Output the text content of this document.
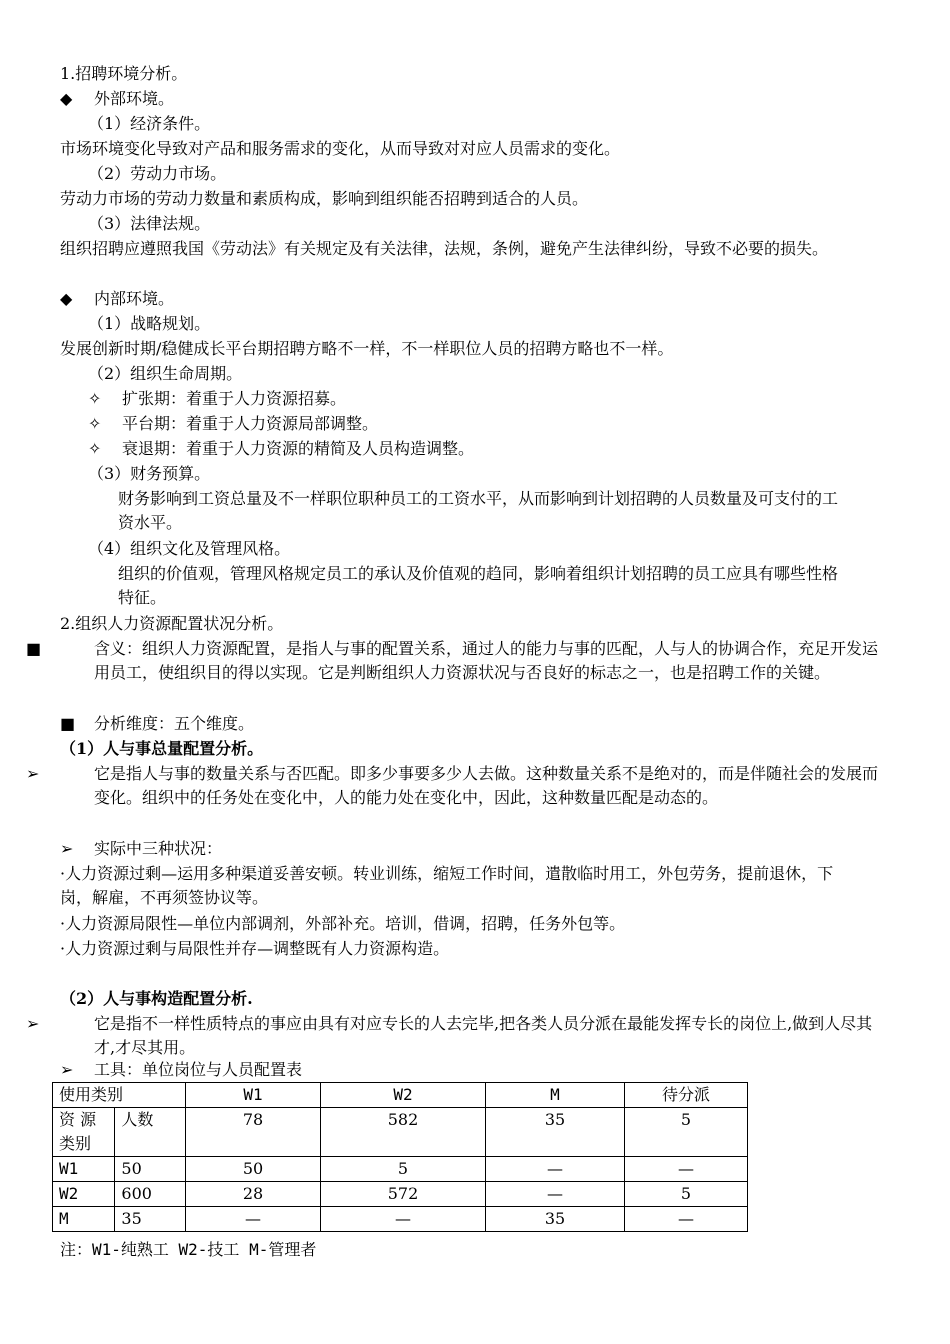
1.招聘环境分析。
◆ 外部环境。
（1）经济条件。
市场环境变化导致对产品和服务需求的变化，从而导致对对应人员需求的变化。
（2）劳动力市场。
劳动力市场的劳动力数量和素质构成，影响到组织能否招聘到适合的人员。
（3）法律法规。
组织招聘应遵照我国《劳动法》有关规定及有关法律，法规，条例，避免产生法律纠纷，导致不必要的损失。
◆ 内部环境。
（1）战略规划。
发展创新时期/稳健成长平台期招聘方略不一样，不一样职位人员的招聘方略也不一样。
（2）组织生命周期。
✧ 扩张期：着重于人力资源招募。
✧ 平台期：着重于人力资源局部调整。
✧ 衰退期：着重于人力资源的精简及人员构造调整。
（3）财务预算。
财务影响到工资总量及不一样职位职种员工的工资水平，从而影响到计划招聘的人员数量及可支付的工资水平。
（4）组织文化及管理风格。
组织的价值观，管理风格规定员工的承认及价值观的趋同，影响着组织计划招聘的员工应具有哪些性格特征。
2.组织人力资源配置状况分析。
■	含义：组织人力资源配置，是指人与事的配置关系，通过人的能力与事的匹配，人与人的协调合作，充足开发运用员工，使组织目的得以实现。它是判断组织人力资源状况与否良好的标志之一，也是招聘工作的关键。
■ 分析维度：五个维度。
（1）人与事总量配置分析。
➢	它是指人与事的数量关系与否匹配。即多少事要多少人去做。这种数量关系不是绝对的，而是伴随社会的发展而变化。组织中的任务处在变化中，人的能力处在变化中，因此，这种数量匹配是动态的。
➢ 实际中三种状况：
·人力资源过剩—运用多种渠道妥善安顿。转业训练，缩短工作时间，遣散临时用工，外包劳务，提前退休，下岗，解雇，不再须签协议等。
·人力资源局限性—单位内部调剂，外部补充。培训，借调，招聘，任务外包等。
·人力资源过剩与局限性并存—调整既有人力资源构造。
（2）人与事构造配置分析.
➢	它是指不一样性质特点的事应由具有对应专长的人去完毕,把各类人员分派在最能发挥专长的岗位上,做到人尽其才,才尽其用。
➢ 工具：单位岗位与人员配置表
使用类别		W1	W2	M	待分派
资 源类别	人数	78	582	35	5
W1	50	50	5	—	—
W2	600	28	572	—	5
M	35	—	—	35	—
注：W1-纯熟工 W2-技工 M-管理者
